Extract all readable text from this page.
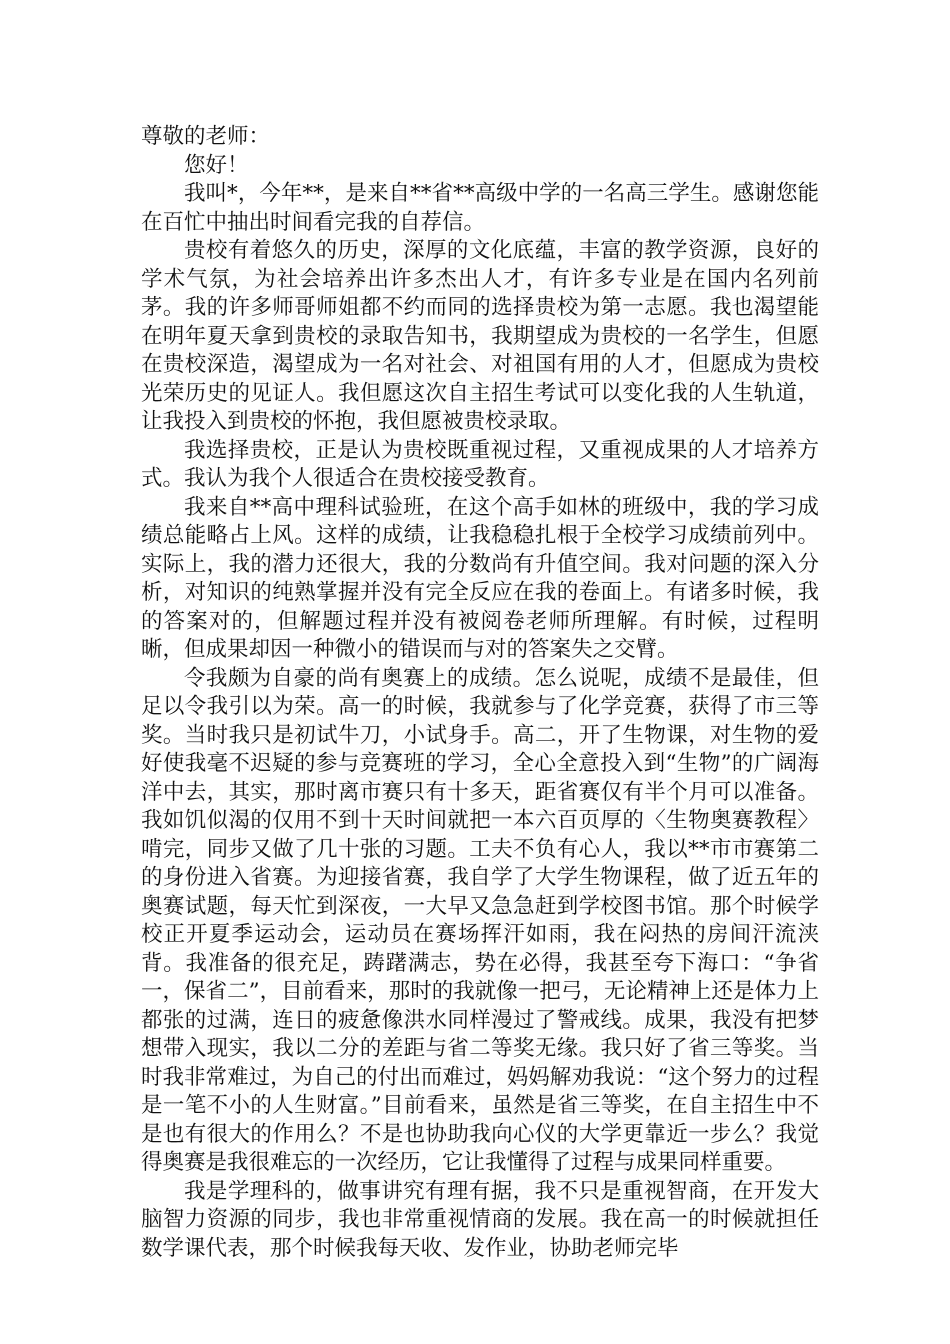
尊敬的老师：

您好！

我叫*，今年**，是来自**省**高级中学的一名高三学生。感谢您能在百忙中抽出时间看完我的自荐信。

贵校有着悠久的历史，深厚的文化底蕴，丰富的教学资源，良好的学术气氛，为社会培养出许多杰出人才，有许多专业是在国内名列前茅。我的许多师哥师姐都不约而同的选择贵校为第一志愿。我也渴望能在明年夏天拿到贵校的录取告知书，我期望成为贵校的一名学生，但愿在贵校深造，渴望成为一名对社会、对祖国有用的人才，但愿成为贵校光荣历史的见证人。我但愿这次自主招生考试可以变化我的人生轨道，让我投入到贵校的怀抱，我但愿被贵校录取。

我选择贵校，正是认为贵校既重视过程，又重视成果的人才培养方式。我认为我个人很适合在贵校接受教育。

我来自**高中理科试验班，在这个高手如林的班级中，我的学习成绩总能略占上风。这样的成绩，让我稳稳扎根于全校学习成绩前列中。实际上，我的潜力还很大，我的分数尚有升值空间。我对问题的深入分析，对知识的纯熟掌握并没有完全反应在我的卷面上。有诸多时候，我的答案对的，但解题过程并没有被阅卷老师所理解。有时候，过程明晰，但成果却因一种微小的错误而与对的答案失之交臂。

令我颇为自豪的尚有奥赛上的成绩。怎么说呢，成绩不是最佳，但足以令我引以为荣。高一的时候，我就参与了化学竞赛，获得了市三等奖。当时我只是初试牛刀，小试身手。高二，开了生物课，对生物的爱好使我毫不迟疑的参与竞赛班的学习，全心全意投入到“生物”的广阔海洋中去，其实，那时离市赛只有十多天，距省赛仅有半个月可以准备。我如饥似渴的仅用不到十天时间就把一本六百页厚的〈生物奥赛教程〉啃完，同步又做了几十张的习题。工夫不负有心人，我以**市市赛第二的身份进入省赛。为迎接省赛，我自学了大学生物课程，做了近五年的奥赛试题，每天忙到深夜，一大早又急急赶到学校图书馆。那个时候学校正开夏季运动会，运动员在赛场挥汗如雨，我在闷热的房间汗流浃背。我准备的很充足，踌躇满志，势在必得，我甚至夸下海口：“争省一，保省二”，目前看来，那时的我就像一把弓，无论精神上还是体力上都张的过满，连日的疲惫像洪水同样漫过了警戒线。成果，我没有把梦想带入现实，我以二分的差距与省二等奖无缘。我只好了省三等奖。当时我非常难过，为自己的付出而难过，妈妈解劝我说：“这个努力的过程是一笔不小的人生财富。”目前看来，虽然是省三等奖，在自主招生中不是也有很大的作用么？不是也协助我向心仪的大学更靠近一步么？我觉得奥赛是我很难忘的一次经历，它让我懂得了过程与成果同样重要。

我是学理科的，做事讲究有理有据，我不只是重视智商，在开发大脑智力资源的同步，我也非常重视情商的发展。我在高一的时候就担任数学课代表，那个时候我每天收、发作业，协助老师完毕
